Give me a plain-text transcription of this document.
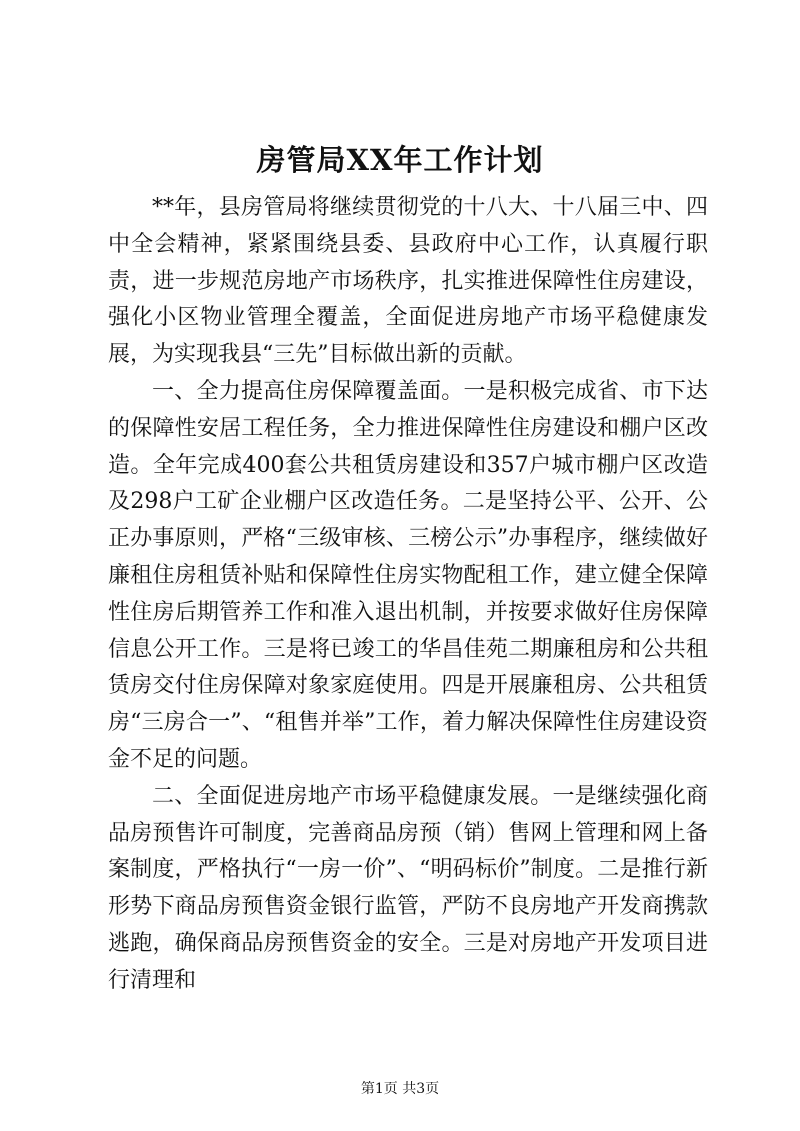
房管局XX年工作计划

**年，县房管局将继续贯彻党的十八大、十八届三中、四中全会精神，紧紧围绕县委、县政府中心工作，认真履行职责，进一步规范房地产市场秩序，扎实推进保障性住房建设，强化小区物业管理全覆盖，全面促进房地产市场平稳健康发展，为实现我县“三先”目标做出新的贡献。

一、全力提高住房保障覆盖面。一是积极完成省、市下达的保障性安居工程任务，全力推进保障性住房建设和棚户区改造。全年完成400套公共租赁房建设和357户城市棚户区改造及298户工矿企业棚户区改造任务。二是坚持公平、公开、公正办事原则，严格“三级审核、三榜公示”办事程序，继续做好廉租住房租赁补贴和保障性住房实物配租工作，建立健全保障性住房后期管养工作和准入退出机制，并按要求做好住房保障信息公开工作。三是将已竣工的华昌佳苑二期廉租房和公共租赁房交付住房保障对象家庭使用。四是开展廉租房、公共租赁房“三房合一”、“租售并举”工作，着力解决保障性住房建设资金不足的问题。

二、全面促进房地产市场平稳健康发展。一是继续强化商品房预售许可制度，完善商品房预（销）售网上管理和网上备案制度，严格执行“一房一价”、“明码标价”制度。二是推行新形势下商品房预售资金银行监管，严防不良房地产开发商携款逃跑，确保商品房预售资金的安全。三是对房地产开发项目进行清理和

第1页 共3页
